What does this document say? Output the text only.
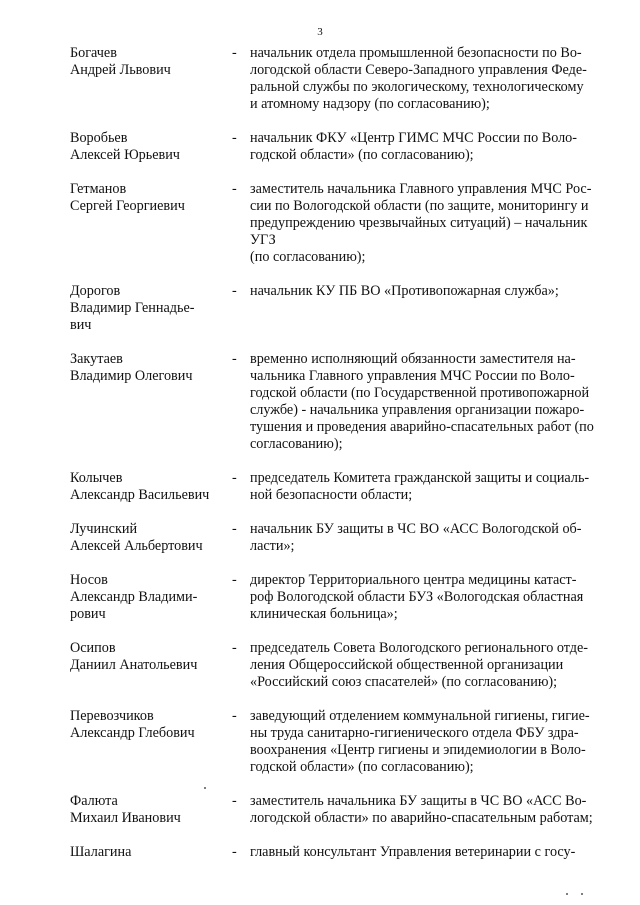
3
Богачев
Андрей Львович
- начальник отдела промышленной безопасности по Во-
логодской области Северо-Западного управления Феде-
ральной службы по экологическому, технологическому
и атомному надзору (по согласованию);
Воробьев
Алексей Юрьевич
- начальник ФКУ «Центр ГИМС МЧС России по Воло-
годской области» (по согласованию);
Гетманов
Сергей Георгиевич
- заместитель начальника Главного управления МЧС Рос-
сии по Вологодской области (по защите, мониторингу и
предупреждению чрезвычайных ситуаций) – начальник
УГЗ
(по согласованию);
Дорогов
Владимир Геннадье-
вич
- начальник КУ ПБ ВО «Противопожарная служба»;
Закутаев
Владимир Олегович
- временно исполняющий обязанности заместителя на-
чальника Главного управления МЧС России по Воло-
годской области (по Государственной противопожарной
службе) - начальника управления организации пожаро-
тушения и проведения аварийно-спасательных работ (по
согласованию);
Колычев
Александр Васильевич
- председатель Комитета гражданской защиты и социаль-
ной безопасности области;
Лучинский
Алексей Альбертович
- начальник БУ защиты в ЧС ВО «АСС Вологодской об-
ласти»;
Носов
Александр Владими-
рович
- директор Территориального центра медицины катаст-
роф Вологодской области БУЗ «Вологодская областная
клиническая больница»;
Осипов
Даниил Анатольевич
- председатель Совета Вологодского регионального отде-
ления Общероссийской общественной организации
«Российский союз спасателей» (по согласованию);
Перевозчиков
Александр Глебович
- заведующий отделением коммунальной гигиены, гигие-
ны труда санитарно-гигиенического отдела ФБУ здра-
воохранения «Центр гигиены и эпидемиологии в Воло-
годской области» (по согласованию);
Фалюта
Михаил Иванович
- заместитель начальника БУ защиты в ЧС ВО «АСС Во-
логодской области» по аварийно-спасательным работам;
Шалагина	- главный консультант Управления ветеринарии с госу-
